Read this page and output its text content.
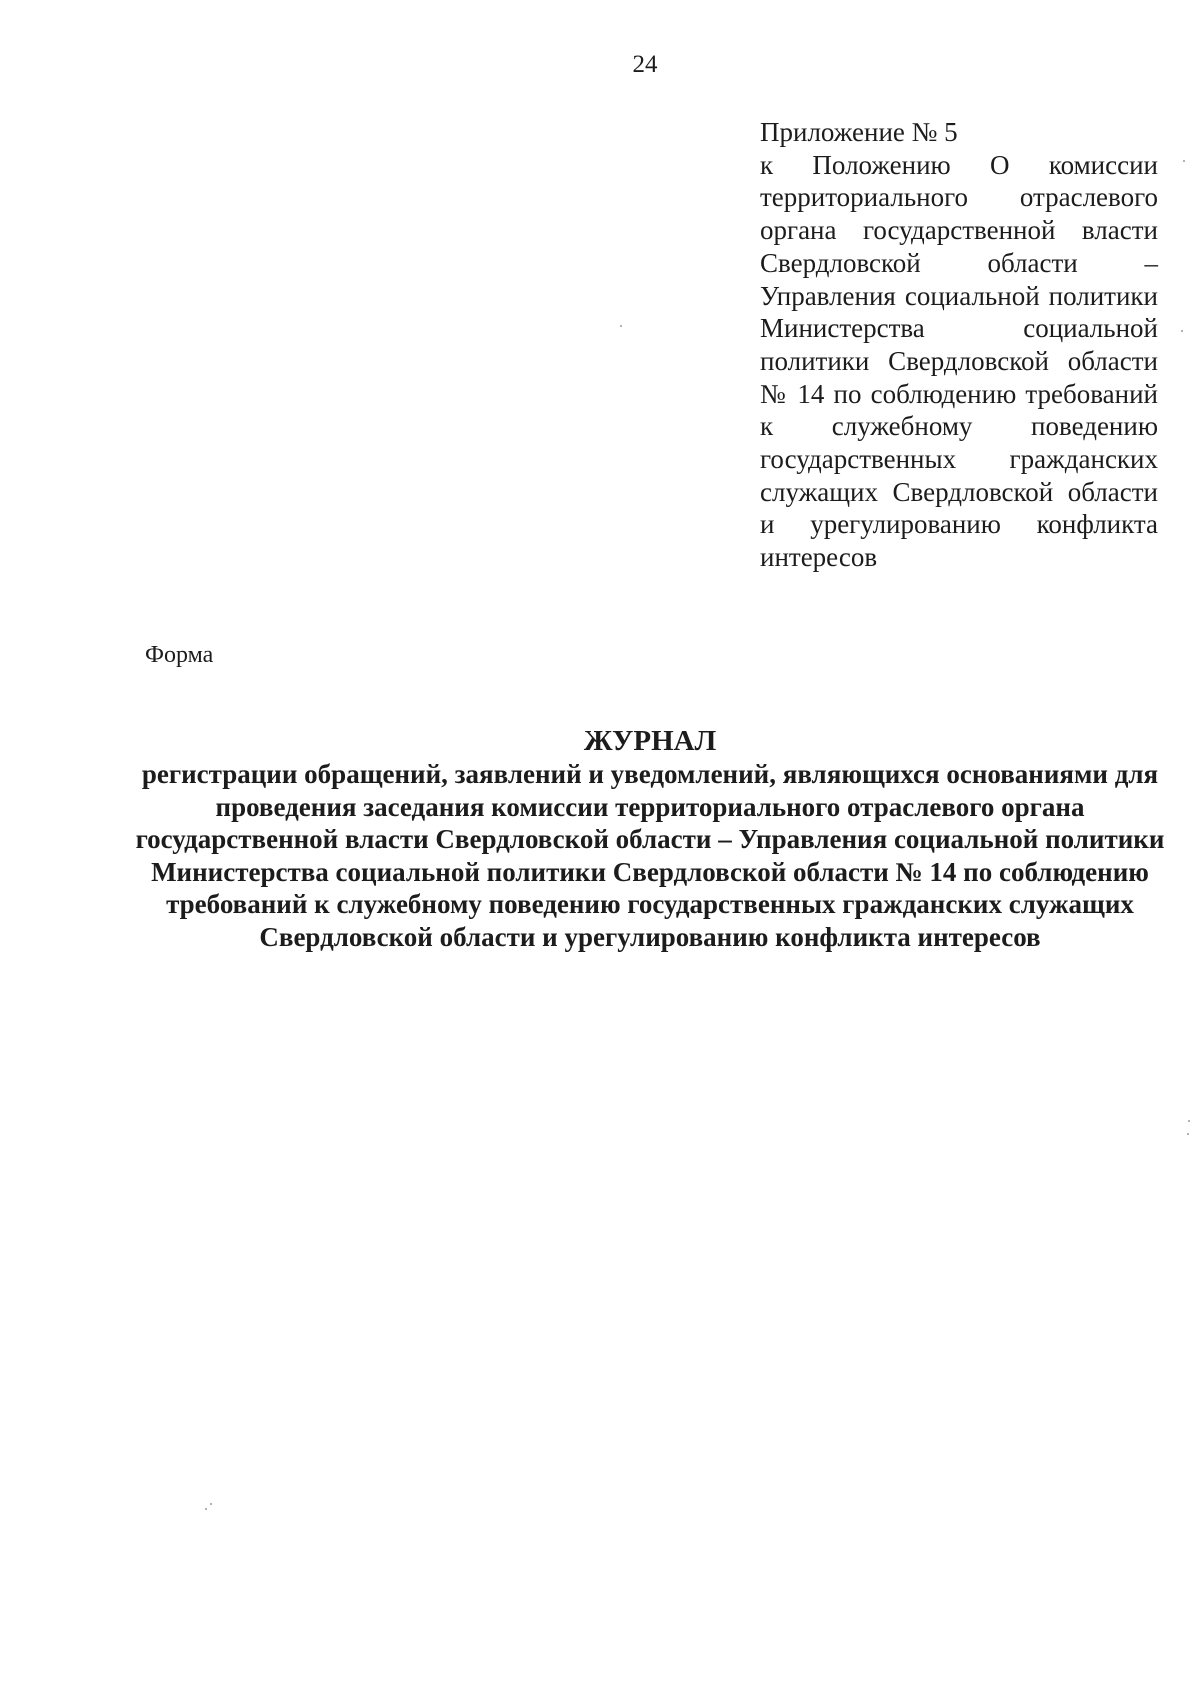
24
Приложение № 5
к Положению О комиссии территориального отраслевого органа государственной власти Свердловской области – Управления социальной политики Министерства социальной политики Свердловской области № 14 по соблюдению требований к служебному поведению государственных гражданских служащих Свердловской области и урегулированию конфликта интересов
Форма
ЖУРНАЛ
регистрации обращений, заявлений и уведомлений, являющихся основаниями для проведения заседания комиссии территориального отраслевого органа государственной власти Свердловской области – Управления социальной политики Министерства социальной политики Свердловской области № 14 по соблюдению требований к служебному поведению государственных гражданских служащих Свердловской области и урегулированию конфликта интересов
